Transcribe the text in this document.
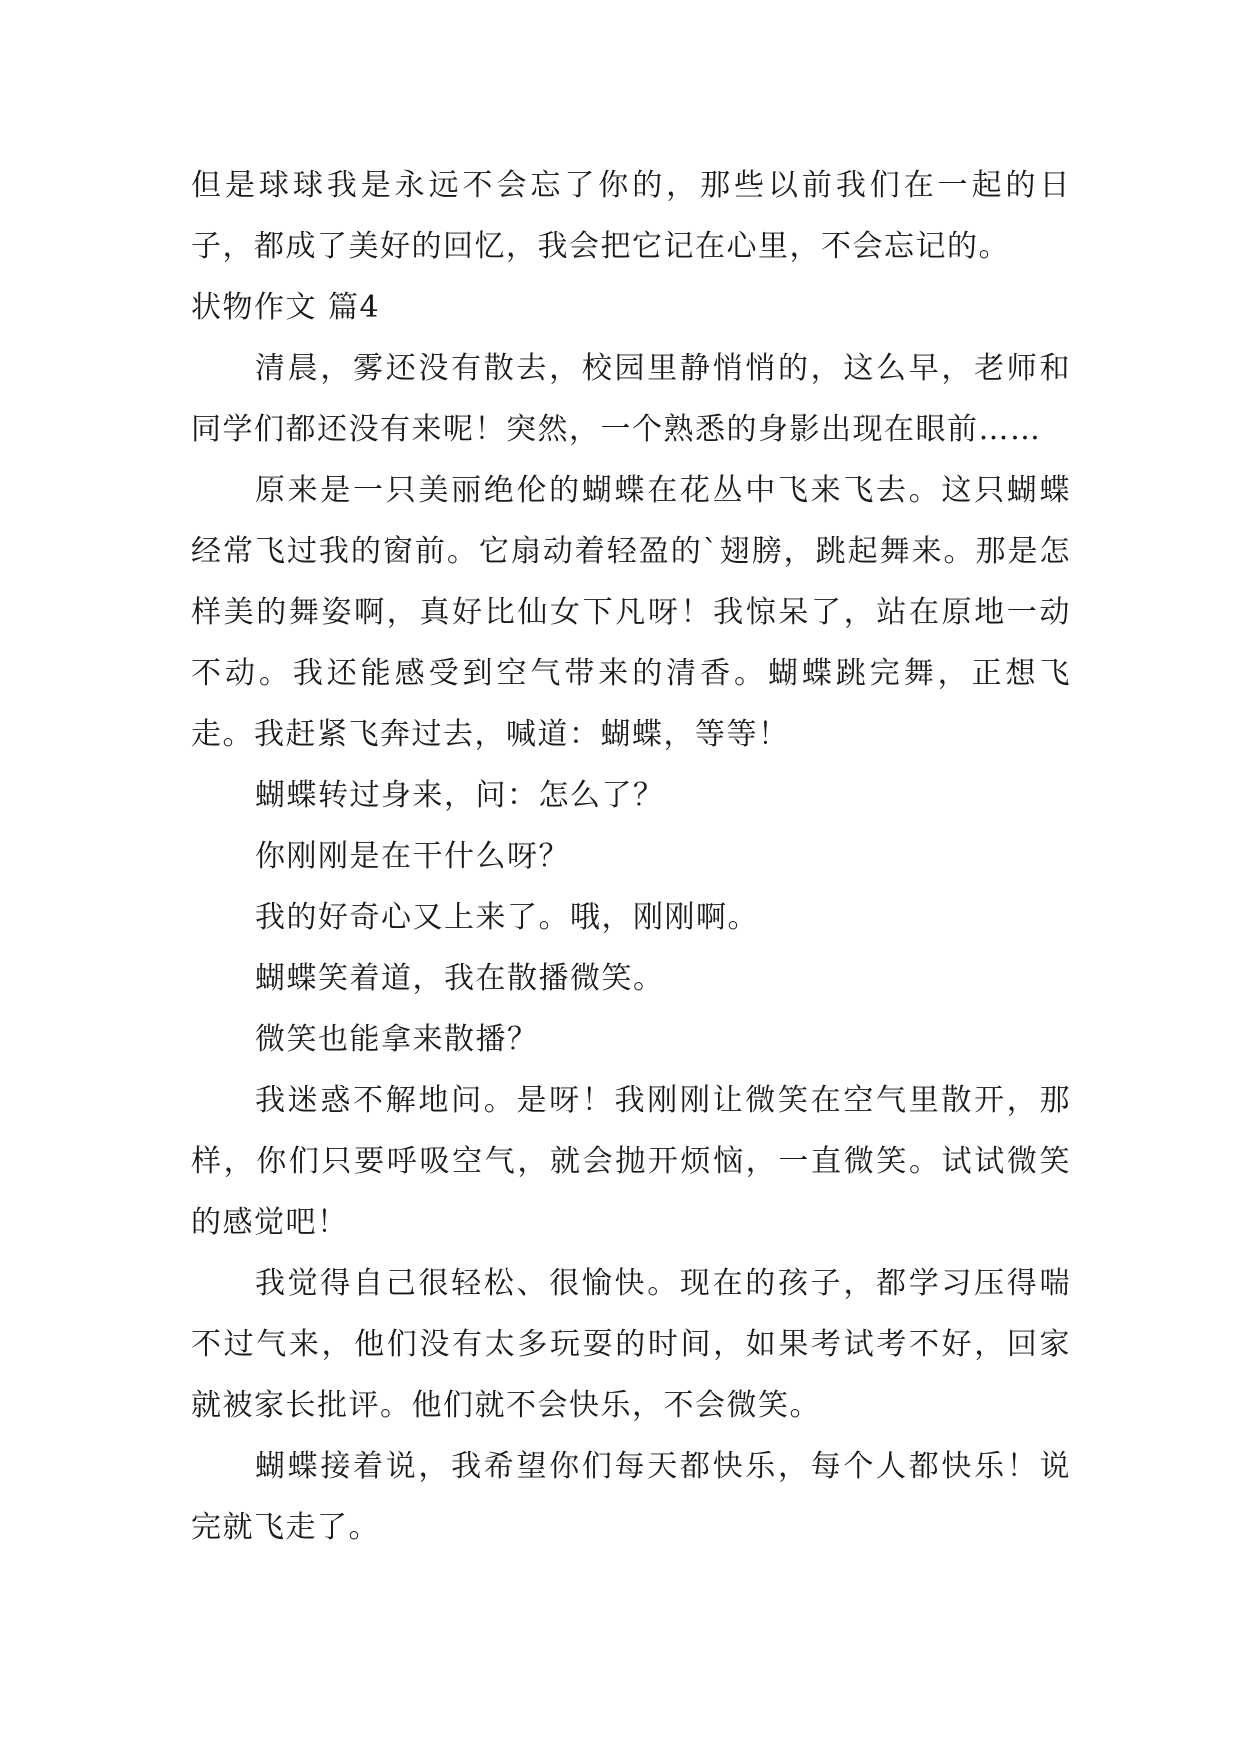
但是球球我是永远不会忘了你的，那些以前我们在一起的日子，都成了美好的回忆，我会把它记在心里，不会忘记的。

状物作文 篇4

清晨，雾还没有散去，校园里静悄悄的，这么早，老师和同学们都还没有来呢！突然，一个熟悉的身影出现在眼前……

原来是一只美丽绝伦的蝴蝶在花丛中飞来飞去。这只蝴蝶经常飞过我的窗前。它扇动着轻盈的`翅膀，跳起舞来。那是怎样美的舞姿啊，真好比仙女下凡呀！我惊呆了，站在原地一动不动。我还能感受到空气带来的清香。蝴蝶跳完舞，正想飞走。我赶紧飞奔过去，喊道：蝴蝶，等等！

蝴蝶转过身来，问：怎么了？

你刚刚是在干什么呀？

我的好奇心又上来了。哦，刚刚啊。

蝴蝶笑着道，我在散播微笑。

微笑也能拿来散播？

我迷惑不解地问。是呀！我刚刚让微笑在空气里散开，那样，你们只要呼吸空气，就会抛开烦恼，一直微笑。试试微笑的感觉吧！

我觉得自己很轻松、很愉快。现在的孩子，都学习压得喘不过气来，他们没有太多玩耍的时间，如果考试考不好，回家就被家长批评。他们就不会快乐，不会微笑。

蝴蝶接着说，我希望你们每天都快乐，每个人都快乐！说完就飞走了。
